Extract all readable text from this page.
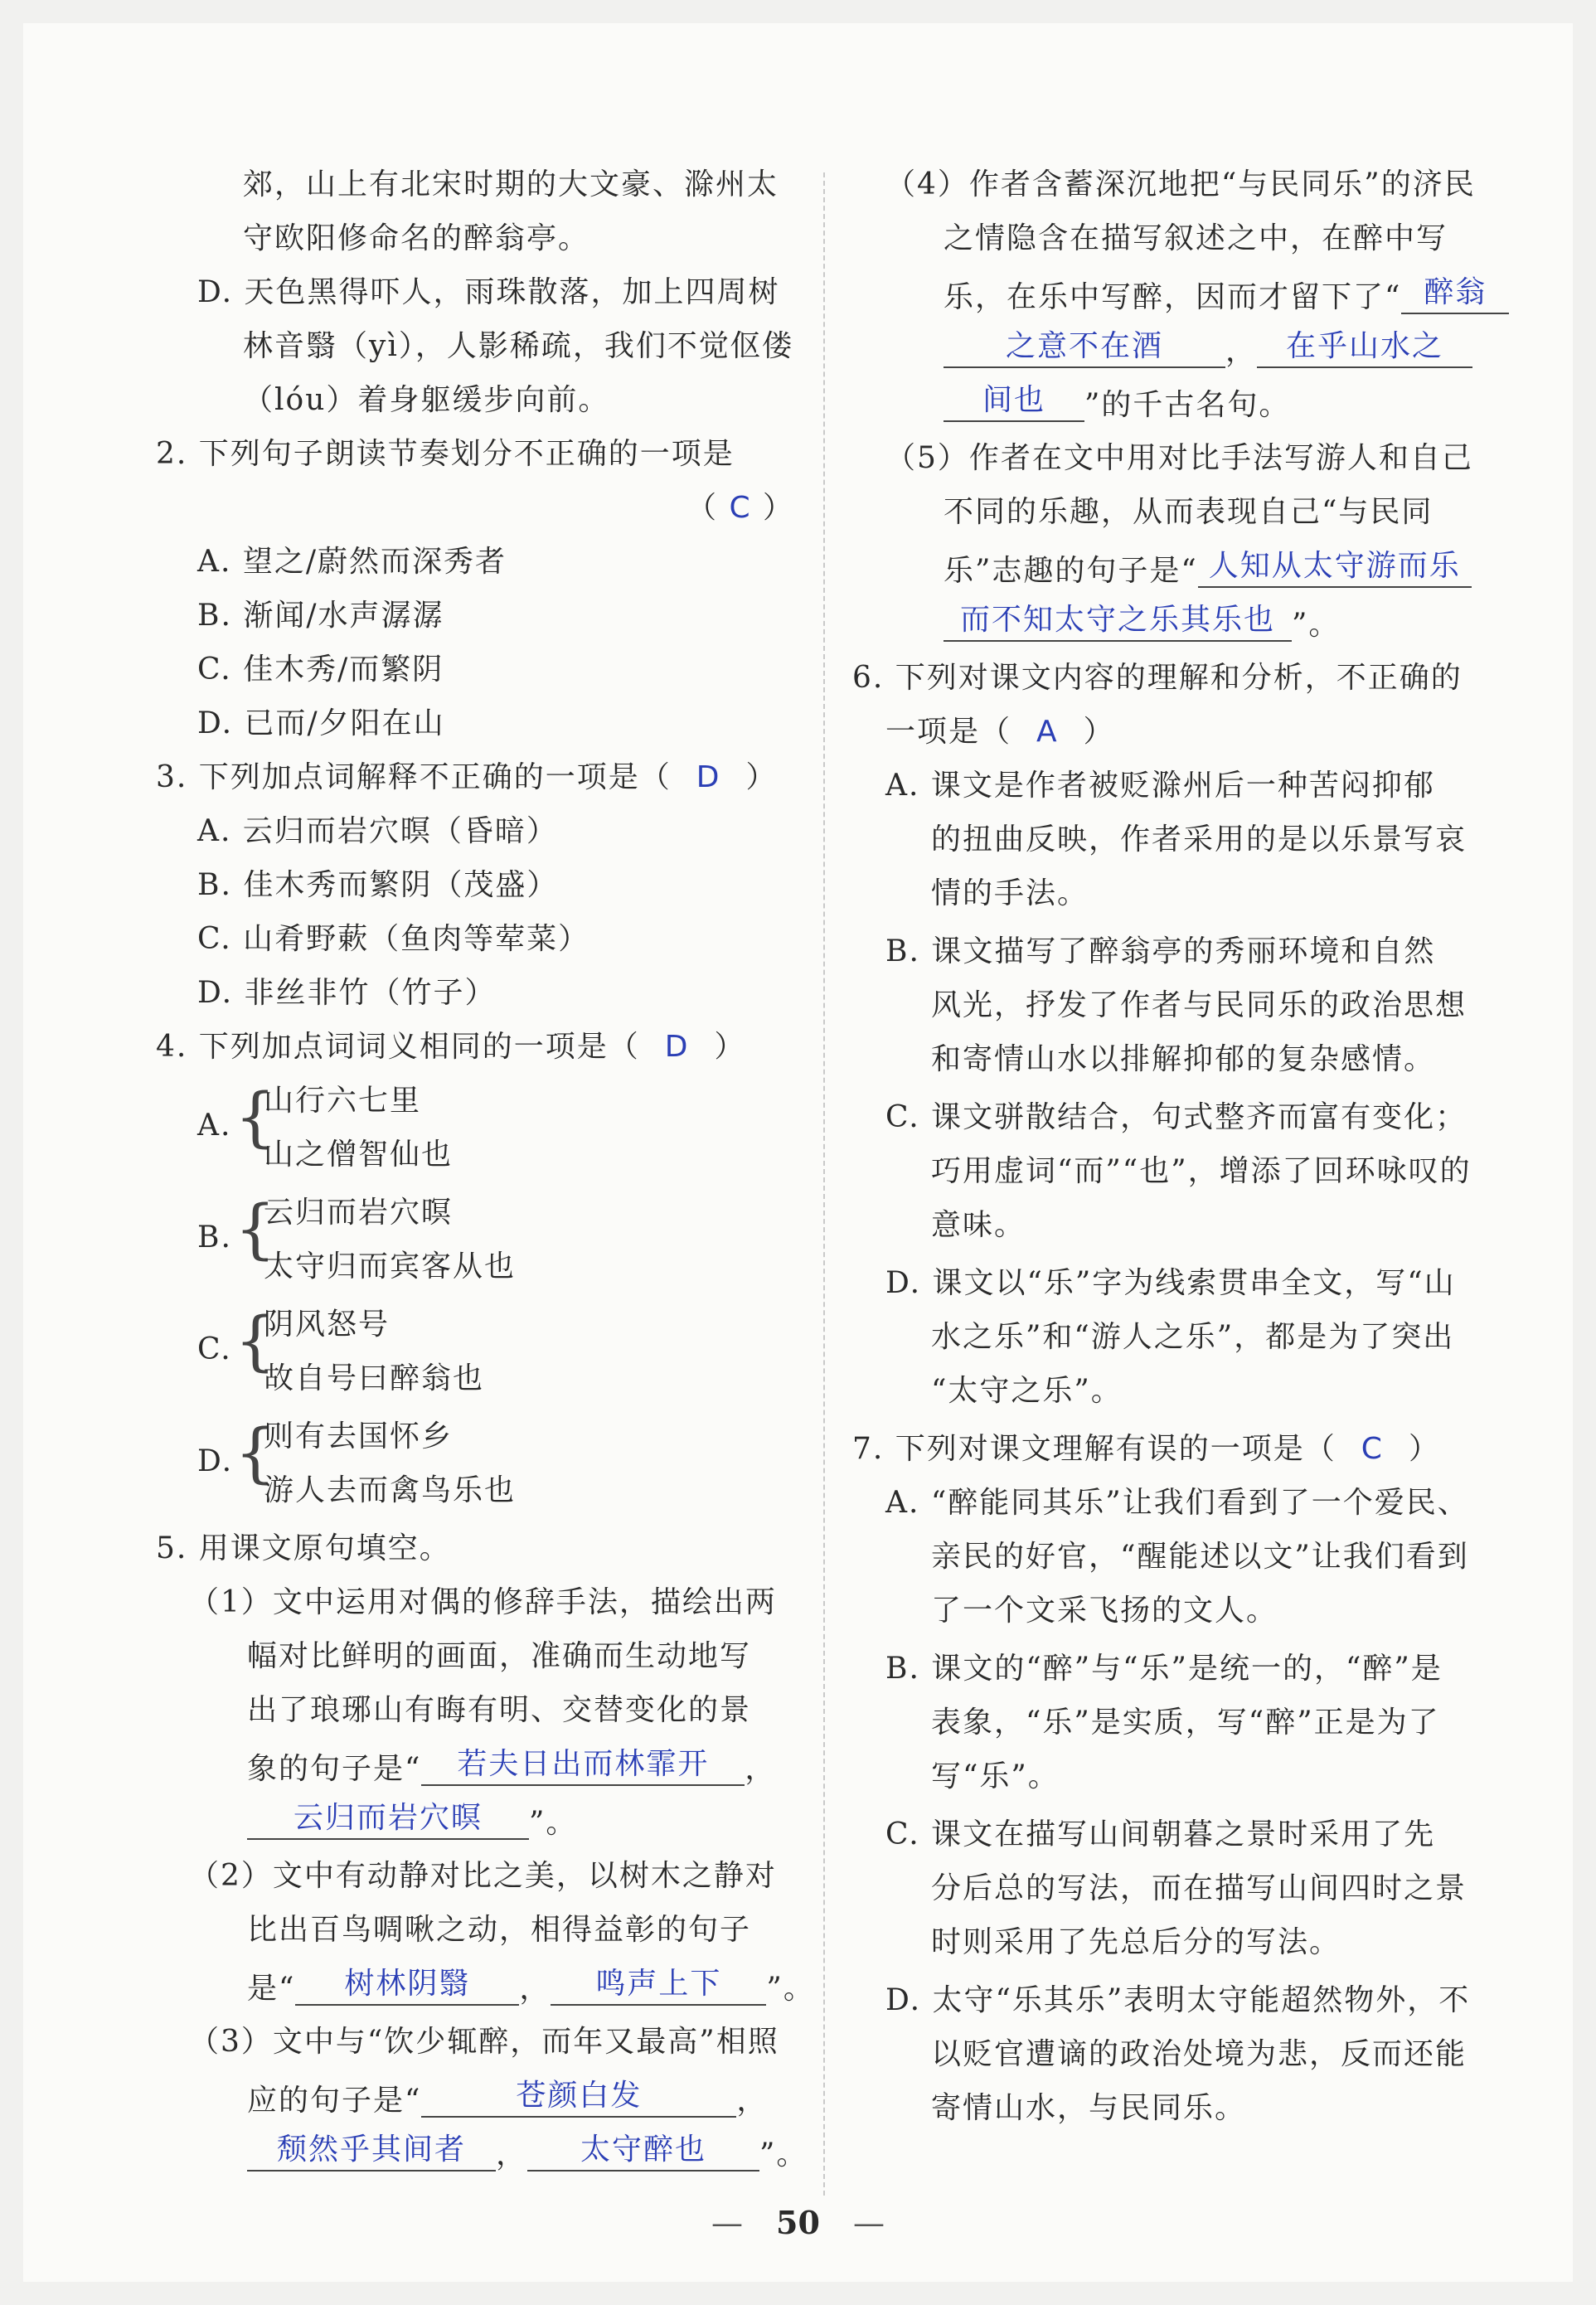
郊，山上有北宋时期的大文豪、滁州太
守欧阳修命名的醉翁亭。
D. 天色黑得吓人，雨珠散落，加上四周树
林音翳（yì），人影稀疏，我们不觉伛偻
（lóu）着身躯缓步向前。
2. 下列句子朗读节奏划分不正确的一项是
（ C ）
A. 望之/蔚然而深秀者
B. 渐闻/水声潺潺
C. 佳木秀/而繁阴
D. 已而/夕阳在山
3. 下列加点词解释不正确的一项是（ D ）
A. 云归而岩穴暝（昏暗）
B. 佳木秀而繁阴（茂盛）
C. 山肴野蔌（鱼肉等荤菜）
D. 非丝非竹（竹子）
4. 下列加点词词义相同的一项是（ D ）
A. {
山行六七里
山之僧智仙也
B. {
云归而岩穴暝
太守归而宾客从也
C. {
阴风怒号
故自号曰醉翁也
D. {
则有去国怀乡
游人去而禽鸟乐也
5. 用课文原句填空。
（1）文中运用对偶的修辞手法，描绘出两
幅对比鲜明的画面，准确而生动地写
出了琅琊山有晦有明、交替变化的景
象的句子是“ 若夫日出而林霏开 ，
云归而岩穴暝 ”。
（2）文中有动静对比之美，以树木之静对
比出百鸟啁啾之动，相得益彰的句子
是“ 树林阴翳 ， 鸣声上下 ”。
（3）文中与“饮少辄醉，而年又最高”相照
应的句子是“	苍颜白发	，
颓然乎其间者 ， 太守醉也 ”。
（4）作者含蓄深沉地把“与民同乐”的济民
之情隐含在描写叙述之中，在醉中写
乐，在乐中写醉，因而才留下了“ 醉翁
之意不在酒 ， 在乎山水之
间也 ”的千古名句。
（5）作者在文中用对比手法写游人和自己
不同的乐趣，从而表现自己“与民同
乐”志趣的句子是“ 人知从太守游而乐
而不知太守之乐其乐也 ”。
6. 下列对课文内容的理解和分析，不正确的
一项是（ A ）
A. 课文是作者被贬滁州后一种苦闷抑郁
的扭曲反映，作者采用的是以乐景写哀
情的手法。
B. 课文描写了醉翁亭的秀丽环境和自然
风光，抒发了作者与民同乐的政治思想
和寄情山水以排解抑郁的复杂感情。
C. 课文骈散结合，句式整齐而富有变化；
巧用虚词“而”“也”，增添了回环咏叹的
意味。
D. 课文以“乐”字为线索贯串全文，写“山
水之乐”和“游人之乐”，都是为了突出
“太守之乐”。
7. 下列对课文理解有误的一项是（ C ）
A. “醉能同其乐”让我们看到了一个爱民、
亲民的好官，“醒能述以文”让我们看到
了一个文采飞扬的文人。
B. 课文的“醉”与“乐”是统一的，“醉”是
表象，“乐”是实质，写“醉”正是为了
写“乐”。
C. 课文在描写山间朝暮之景时采用了先
分后总的写法，而在描写山间四时之景
时则采用了先总后分的写法。
D. 太守“乐其乐”表明太守能超然物外，不
以贬官遭谪的政治处境为悲，反而还能
寄情山水，与民同乐。
— 50 —
